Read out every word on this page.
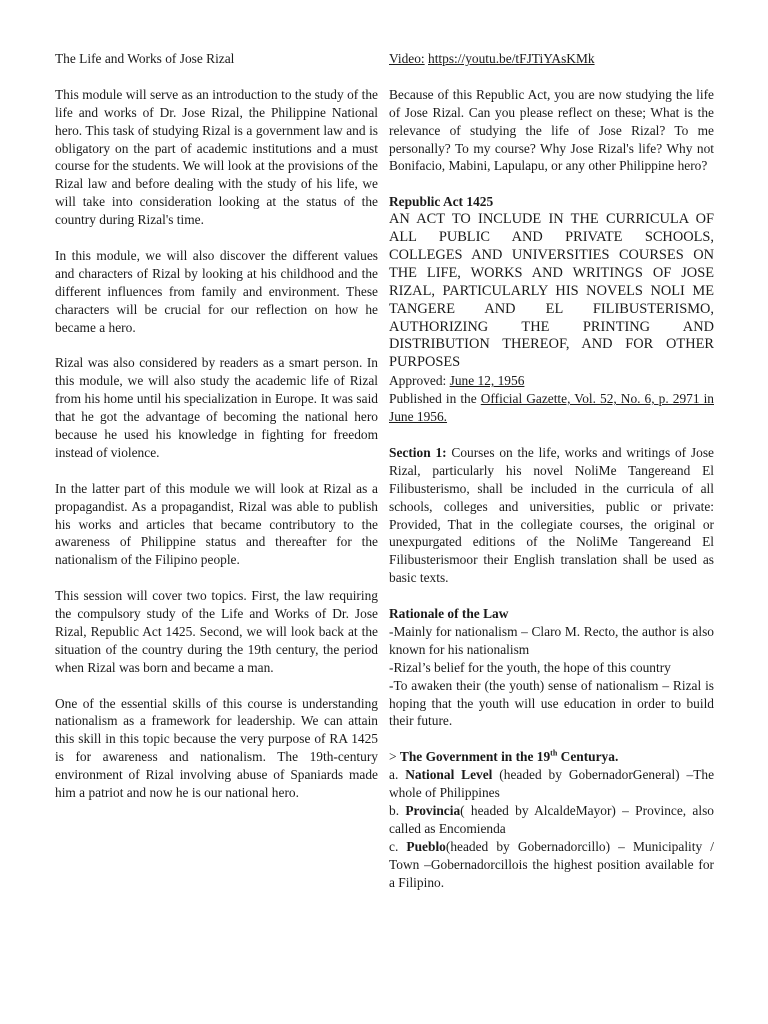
The Life and Works of Jose Rizal

This module will serve as an introduction to the study of the life and works of Dr. Jose Rizal, the Philippine National hero. This task of studying Rizal is a government law and is obligatory on the part of academic institutions and a must course for the students. We will look at the provisions of the Rizal law and before dealing with the study of his life, we will take into consideration looking at the status of the country during Rizal's time.

In this module, we will also discover the different values and characters of Rizal by looking at his childhood and the different influences from family and environment. These characters will be crucial for our reflection on how he became a hero.

Rizal was also considered by readers as a smart person. In this module, we will also study the academic life of Rizal from his home until his specialization in Europe. It was said that he got the advantage of becoming the national hero because he used his knowledge in fighting for freedom instead of violence.

In the latter part of this module we will look at Rizal as a propagandist. As a propagandist, Rizal was able to publish his works and articles that became contributory to the awareness of Philippine status and thereafter for the nationalism of the Filipino people.

This session will cover two topics. First, the law requiring the compulsory study of the Life and Works of Dr. Jose Rizal, Republic Act 1425. Second, we will look back at the situation of the country during the 19th century, the period when Rizal was born and became a man.

One of the essential skills of this course is understanding nationalism as a framework for leadership. We can attain this skill in this topic because the very purpose of RA 1425 is for awareness and nationalism. The 19th-century environment of Rizal involving abuse of Spaniards made him a patriot and now he is our national hero.

Video: https://youtu.be/tFJTiYAsKMk

Because of this Republic Act, you are now studying the life of Jose Rizal. Can you please reflect on these; What is the relevance of studying the life of Jose Rizal? To me personally? To my course? Why Jose Rizal's life? Why not Bonifacio, Mabini, Lapulapu, or any other Philippine hero?

Republic Act 1425

AN ACT TO INCLUDE IN THE CURRICULA OF ALL PUBLIC AND PRIVATE SCHOOLS, COLLEGES AND UNIVERSITIES COURSES ON THE LIFE, WORKS AND WRITINGS OF JOSE RIZAL, PARTICULARLY HIS NOVELS NOLI ME TANGERE AND EL FILIBUSTERISMO, AUTHORIZING THE PRINTING AND DISTRIBUTION THEREOF, AND FOR OTHER PURPOSES

Approved: June 12, 1956

Published in the Official Gazette, Vol. 52, No. 6, p. 2971 in June 1956.

Section 1: Courses on the life, works and writings of Jose Rizal, particularly his novel NoliMe Tangereand El Filibusterismo, shall be included in the curricula of all schools, colleges and universities, public or private: Provided, That in the collegiate courses, the original or unexpurgated editions of the NoliMe Tangereand El Filibusterismoor their English translation shall be used as basic texts.

Rationale of the Law

-Mainly for nationalism – Claro M. Recto, the author is also known for his nationalism

-Rizal’s belief for the youth, the hope of this country

-To awaken their (the youth) sense of nationalism – Rizal is hoping that the youth will use education in order to build their future.

> The Government in the 19th Centurya.

a. National Level (headed by GobernadorGeneral) –The whole of Philippines

b. Provincia( headed by AlcaldeMayor) – Province, also called as Encomienda

c. Pueblo(headed by Gobernadorcillo) – Municipality / Town –Gobernadorcillois the highest position available for a Filipino.
